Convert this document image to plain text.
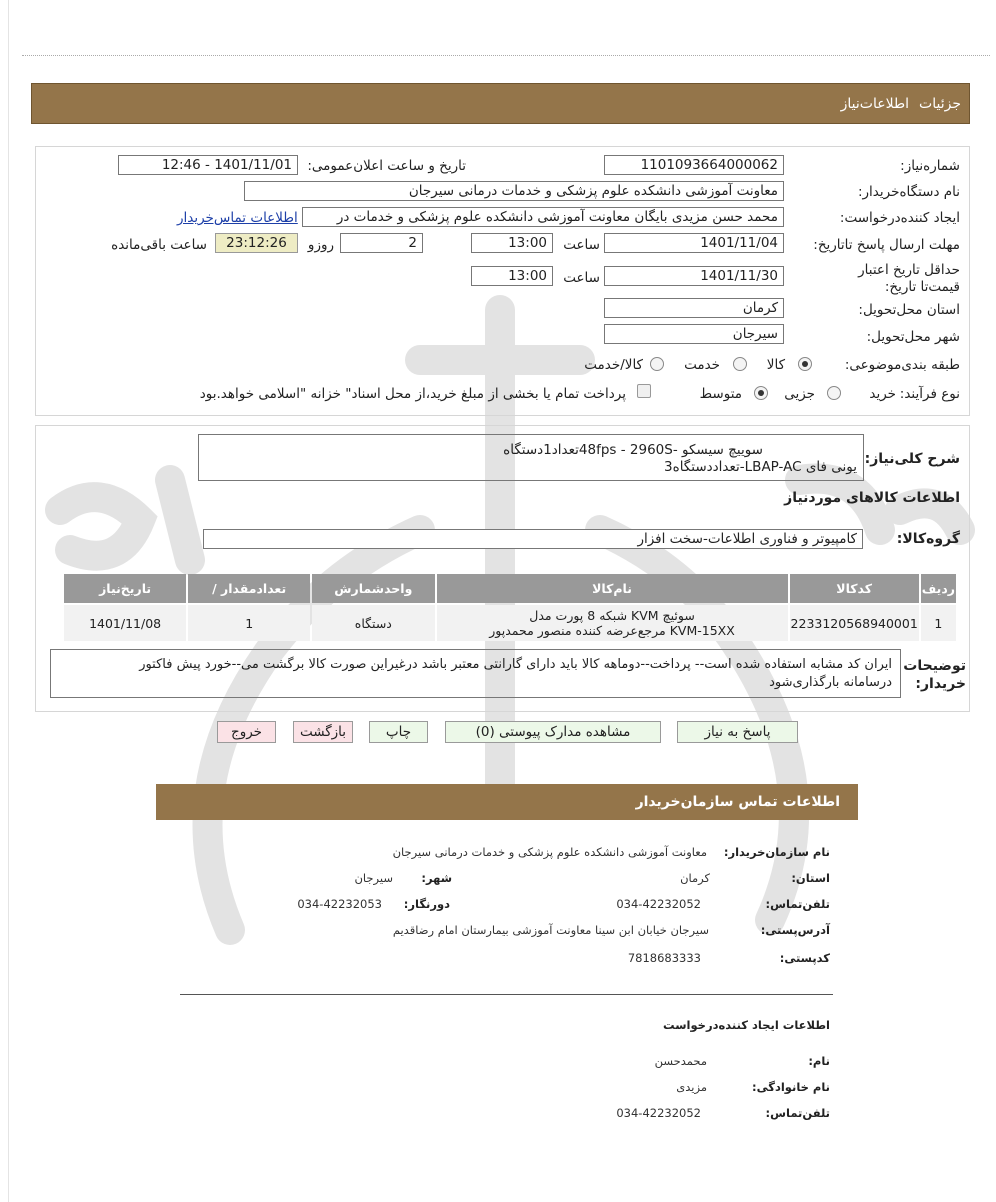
جزئیات
اطلاعات‌نیاز
شماره‌نیاز:
1101093664000062
تاریخ و ساعت اعلان‌عمومی:
1401/11/01 - 12:46
نام دستگاه‌خریدار:
معاونت آموزشی دانشکده علوم پزشکی و خدمات درمانی سیرجان
ایجاد کننده‌درخواست:
محمد حسن مزیدی بایگان معاونت آموزشی دانشکده علوم پزشکی و خدمات در
اطلاعات تماس‌خریدار
مهلت ارسال پاسخ تا‌تاریخ:
1401/11/04
ساعت
13:00
2
روزو
23:12:26
ساعت باقی‌مانده
حداقل تاریخ اعتبار قیمت‌تا تاریخ:
1401/11/30
ساعت
13:00
استان محل‌تحویل:
کرمان
شهر محل‌تحویل:
سیرجان
طبقه بندی‌موضوعی:
کالا
خدمت
کالا/خدمت
نوع فرآیند:
خرید
جزیی
متوسط
پرداخت تمام یا بخشی از مبلغ خرید،از محل اسناد" خزانه "اسلامی خواهد.بود
شرح کلی‌نیاز:
سوییچ سیسکو -48fps - 2960Sتعداد1دستگاه
یونی فای LBAP-AC-تعداددستگاه3
اطلاعات کالاهای موردنیاز
گروه‌کالا:
کامپیوتر و فناوری اطلاعات-سخت افزار
ردیف	کدکالا	نام‌کالا	واحدشمارش	تعداد‌مقدار /	تاریخ‌نیاز
1	2233120568940001	سوئیچ KVM شبکه 8 پورت مدل
KVM-15XX مرجع‌عرضه کننده منصور محمدپور	دستگاه	1	1401/11/08
توضیحات خریدار:
ایران کد مشابه استفاده شده است-- پرداخت--دوماهه کالا باید دارای گارانتی معتبر باشد درغیراین صورت کالا برگشت می--خورد پیش فاکتور
درسامانه بارگذاری‌شود
پاسخ به نیاز
مشاهده مدارک پیوستی (0)
چاپ
بازگشت
خروج
اطلاعات تماس سازمان‌خریدار
نام سازمان‌خریدار:
معاونت آموزشی دانشکده علوم پزشکی و خدمات درمانی سیرجان
استان:
کرمان
شهر:
سیرجان
تلفن‌تماس:
034-42232052
دورنگار:
034-42232053
آدرس‌پستی:
سیرجان خیابان ابن سینا معاونت آموزشی بیمارستان امام رضاقدیم
کدپستی:
7818683333
اطلاعات ایجاد کننده‌درخواست
نام:
محمدحسن
نام خانوادگی:
مزیدی
تلفن‌تماس:
034-42232052
